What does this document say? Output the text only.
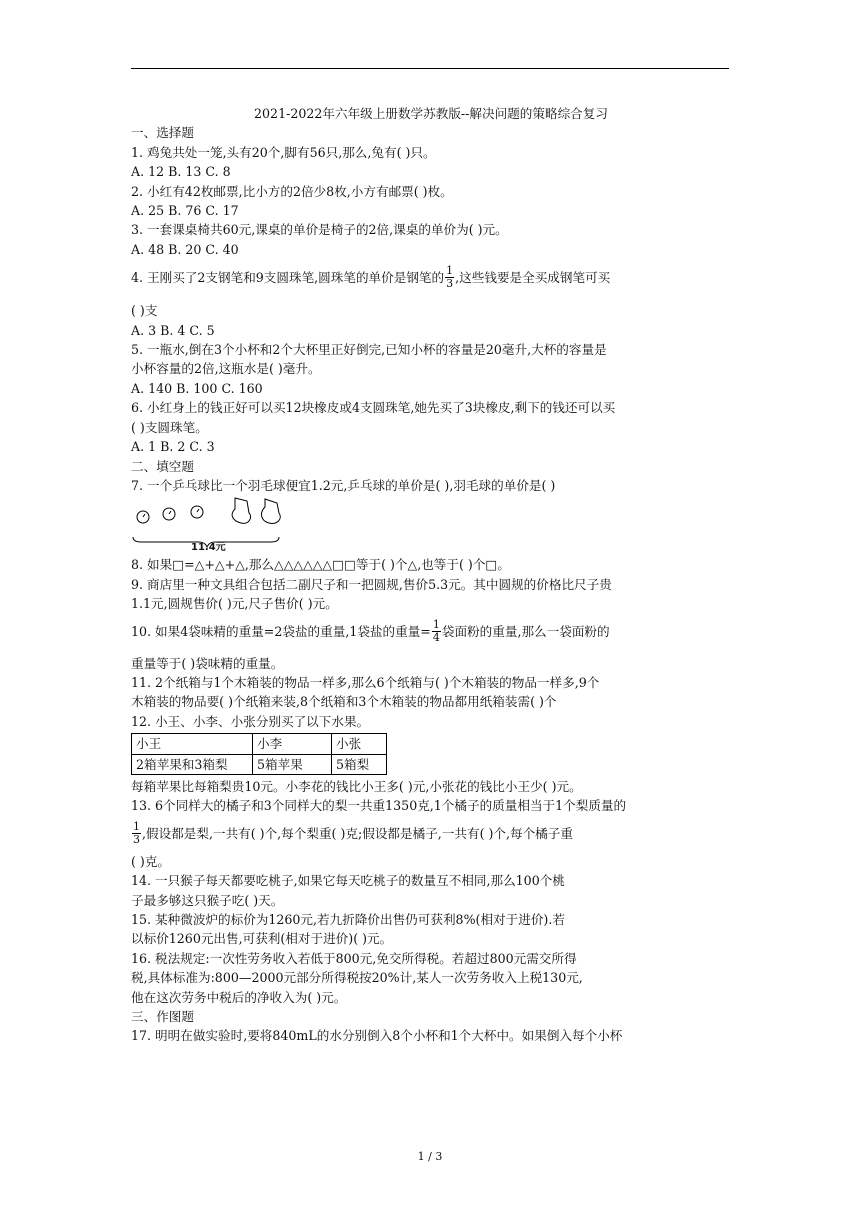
2021-2022年六年级上册数学苏教版--解决问题的策略综合复习
一、选择题
1. 鸡兔共处一笼,头有20个,脚有56只,那么,兔有( )只。
A. 12 B. 13 C. 8
2. 小红有42枚邮票,比小方的2倍少8枚,小方有邮票( )枚。
A. 25 B. 76 C. 17
3. 一套课桌椅共60元,课桌的单价是椅子的2倍,课桌的单价为( )元。
A. 48 B. 20 C. 40
4. 王刚买了2支钢笔和9支圆珠笔,圆珠笔的单价是钢笔的 $\frac{1}{3}$ ,这些钱要是全买成钢笔可买
( )支
A. 3 B. 4 C. 5
5. 一瓶水,倒在3个小杯和2个大杯里正好倒完,已知小杯的容量是20毫升,大杯的容量是
小杯容量的2倍,这瓶水是( )毫升。
A. 140 B. 100 C. 160
6. 小红身上的钱正好可以买12块橡皮或4支圆珠笔,她先买了3块橡皮,剩下的钱还可以买
( )支圆珠笔。
A. 1 B. 2 C. 3
二、填空题
7. 一个乒乓球比一个羽毛球便宜1.2元,乒乓球的单价是( ),羽毛球的单价是( )
11.4元
8. 如果□=△+△+△,那么△△△△△△□□等于( )个△,也等于( )个□。
9. 商店里一种文具组合包括二副尺子和一把圆规,售价5.3元。其中圆规的价格比尺子贵
1.1元,圆规售价( )元,尺子售价( )元。
10. 如果4袋味精的重量=2袋盐的重量,1袋盐的重量= $\frac{1}{4}$ 袋面粉的重量,那么一袋面粉的
重量等于( )袋味精的重量。
11. 2个纸箱与1个木箱装的物品一样多,那么6个纸箱与( )个木箱装的物品一样多,9个
木箱装的物品要( )个纸箱来装,8个纸箱和3个木箱装的物品都用纸箱装需( )个
12. 小王、小李、小张分别买了以下水果。
小王	小李	小张
2箱苹果和3箱梨	5箱苹果	5箱梨
每箱苹果比每箱梨贵10元。小李花的钱比小王多( )元,小张花的钱比小王少( )元。
13. 6个同样大的橘子和3个同样大的梨一共重1350克,1个橘子的质量相当于1个梨质量的
$\frac{1}{3}$ ,假设都是梨,一共有( )个,每个梨重( )克;假设都是橘子,一共有( )个,每个橘子重
( )克。
14. 一只猴子每天都要吃桃子,如果它每天吃桃子的数量互不相同,那么100个桃
子最多够这只猴子吃( )天。
15. 某种微波炉的标价为1260元,若九折降价出售仍可获利8%(相对于进价).若
以标价1260元出售,可获利(相对于进价)( )元。
16. 税法规定:一次性劳务收入若低于800元,免交所得税。若超过800元需交所得
税,具体标准为:800—2000元部分所得税按20%计,某人一次劳务收入上税130元,
他在这次劳务中税后的净收入为( )元。
三、作图题
17. 明明在做实验时,要将840mL的水分别倒入8个小杯和1个大杯中。如果倒入每个小杯
1 / 3
